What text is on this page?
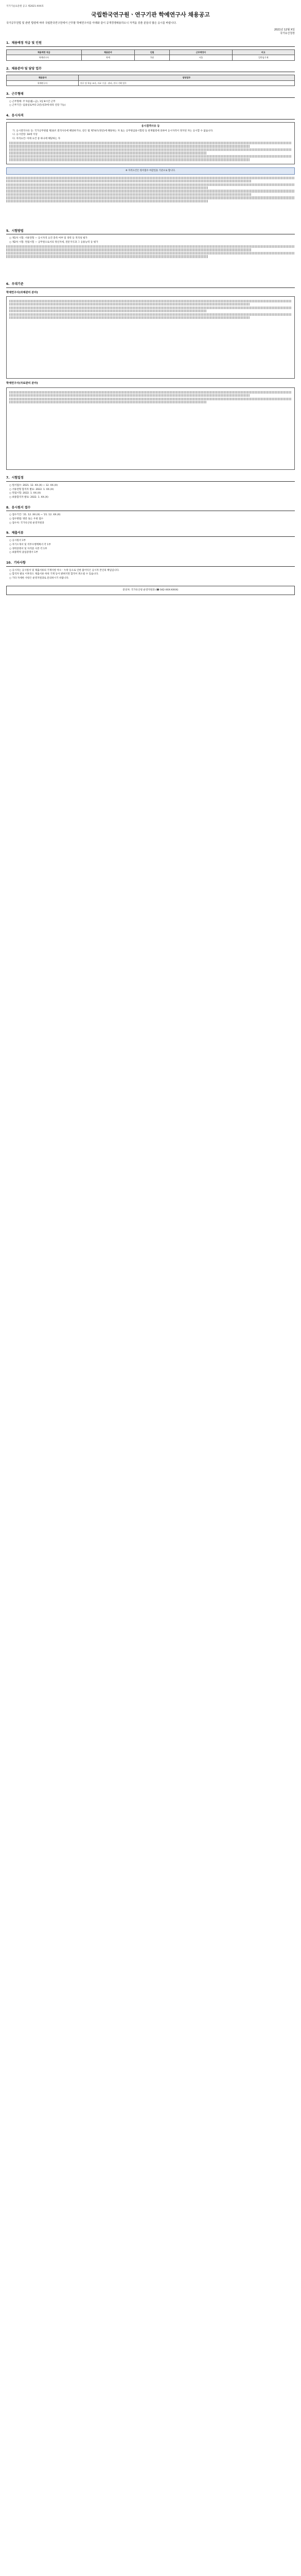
국가기술표준원 공고 제2021-XXX호
국립한국연구원ㆍ연구기관 학예연구사 채용공고
국가공무원법 및 관련 법령에 따라 국립한국연구원에서 근무할 학예연구사를 아래와 같이 공개경쟁채용하오니 자격을 갖춘 분들의 많은 응시를 바랍니다.
2021년 12월 X일
국가유산청장
1. 채용예정 직급 및 인원
채용예정 직급	채용분야	인원	근무예정지	비고
학예연구사	학예	1명	서울	일반임기제
2. 채용분야 및 담당 업무
채용분야	담당업무
학예연구사	연구 및 학술 조사, 자료 수집ㆍ관리, 전시 기획 업무
3. 근무형태
○ 근무형태: 주 5일(월~금), 1일 8시간 근무
○ 근무기간: 임용일로부터 2년(성과에 따라 연장 가능)
4. 응시자격
응시결격사유 등
가. 응시결격사유 등: 국가공무원법 제33조 결격사유에 해당하거나, 같은 법 제74조(정년)에 해당하는 자 또는 공무원임용시험령 등 관계법령에 의하여 응시자격이 정지된 자는 응시할 수 없습니다.
나. 응시연령: 18세 이상
다. 자격요건: 아래 요건 중 하나에 해당하는 자
※ 자격요건은 원서접수 마감일을 기준으로 합니다.
5. 시험방법
○ 제1차 시험: 서류전형 — 응시자격 요건 충족 여부 및 경력 등 적격성 평가
○ 제2차 시험: 면접시험 — 공무원으로서의 정신자세, 전문지식과 그 응용능력 등 평가
6. 우대기준
학예연구사(과제관리 분야)
학예연구사(자료관리 분야)
7. 시험일정
○ 원서접수: 2021. 12. XX.(X) ~ 12. XX.(X)
○ 서류전형 합격자 발표: 2022. 1. XX.(X)
○ 면접시험: 2022. 1. XX.(X)
○ 최종합격자 발표: 2022. 1. XX.(X)
8. 응시원서 접수
○ 접수기간: '21. 12. XX.(X) ~ '21. 12. XX.(X)
○ 접수방법: 방문 또는 우편 접수
○ 접수처: 국가유산청 운영지원과
9. 제출서류
○ 응시원서 1부
○ 자기소개서 및 직무수행계획서 각 1부
○ 경력증명서 및 자격증 사본 각 1부
○ 최종학력 졸업증명서 1부
10. 기타사항
○ 응시자는 응시원서 및 제출서류의 기재사항 착오ㆍ누락 등으로 인한 불이익은 응시자 본인의 책임입니다.
○ 합격자 발표 이후라도 제출서류 허위 기재 등이 밝혀지면 합격이 취소될 수 있습니다.
○ 기타 자세한 사항은 운영지원과로 문의하시기 바랍니다.
문의처: 국가유산청 운영지원과 (☎ 042-XXX-XXXX)
